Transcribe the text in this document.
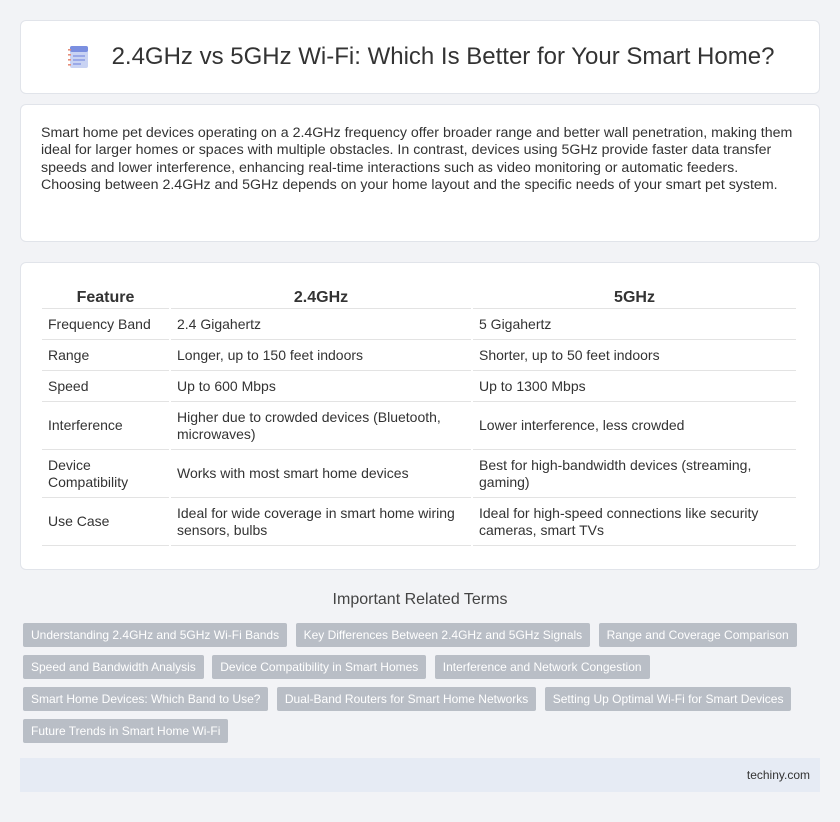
2.4GHz vs 5GHz Wi-Fi: Which Is Better for Your Smart Home?

Smart home pet devices operating on a 2.4GHz frequency offer broader range and better wall penetration, making them ideal for larger homes or spaces with multiple obstacles. In contrast, devices using 5GHz provide faster data transfer speeds and lower interference, enhancing real-time interactions such as video monitoring or automatic feeders. Choosing between 2.4GHz and 5GHz depends on your home layout and the specific needs of your smart pet system.

Feature	2.4GHz	5GHz
Frequency Band	2.4 Gigahertz	5 Gigahertz
Range	Longer, up to 150 feet indoors	Shorter, up to 50 feet indoors
Speed	Up to 600 Mbps	Up to 1300 Mbps
Interference	Higher due to crowded devices (Bluetooth, microwaves)	Lower interference, less crowded
Device Compatibility	Works with most smart home devices	Best for high-bandwidth devices (streaming, gaming)
Use Case	Ideal for wide coverage in smart home wiring sensors, bulbs	Ideal for high-speed connections like security cameras, smart TVs
Important Related Terms
Understanding 2.4GHz and 5GHz Wi-Fi Bands Key Differences Between 2.4GHz and 5GHz Signals Range and Coverage Comparison Speed and Bandwidth Analysis Device Compatibility in Smart Homes Interference and Network Congestion Smart Home Devices: Which Band to Use? Dual-Band Routers for Smart Home Networks Setting Up Optimal Wi-Fi for Smart Devices Future Trends in Smart Home Wi-Fi
techiny.com
